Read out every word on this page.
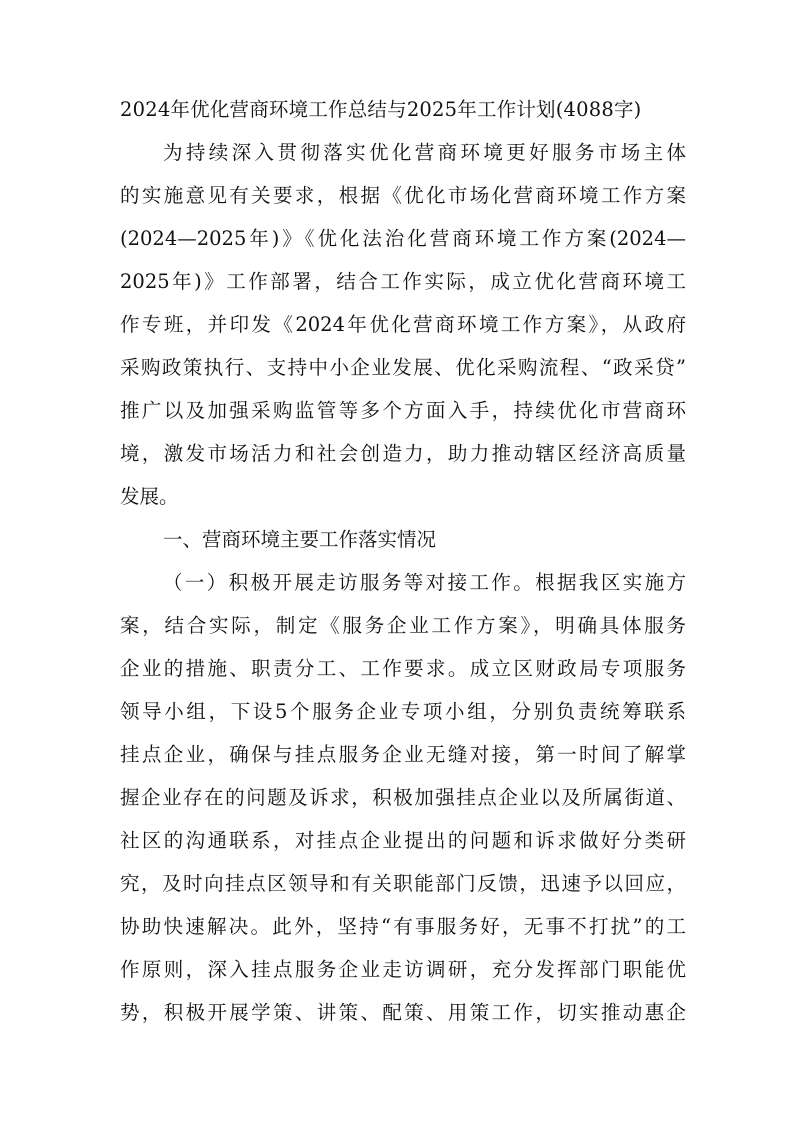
2024年优化营商环境工作总结与2025年工作计划(4088字)
为持续深入贯彻落实优化营商环境更好服务市场主体
的实施意见有关要求，根据《优化市场化营商环境工作方案
(2024—2025年)》《优化法治化营商环境工作方案(2024—
2025年)》工作部署，结合工作实际，成立优化营商环境工
作专班，并印发《2024年优化营商环境工作方案》，从政府
采购政策执行、支持中小企业发展、优化采购流程、“政采贷”
推广以及加强采购监管等多个方面入手，持续优化市营商环
境，激发市场活力和社会创造力，助力推动辖区经济高质量
发展。
一、营商环境主要工作落实情况
（一）积极开展走访服务等对接工作。根据我区实施方
案，结合实际，制定《服务企业工作方案》，明确具体服务
企业的措施、职责分工、工作要求。成立区财政局专项服务
领导小组，下设5个服务企业专项小组，分别负责统筹联系
挂点企业，确保与挂点服务企业无缝对接，第一时间了解掌
握企业存在的问题及诉求，积极加强挂点企业以及所属街道、
社区的沟通联系，对挂点企业提出的问题和诉求做好分类研
究，及时向挂点区领导和有关职能部门反馈，迅速予以回应，
协助快速解决。此外，坚持“有事服务好，无事不打扰”的工
作原则，深入挂点服务企业走访调研，充分发挥部门职能优
势，积极开展学策、讲策、配策、用策工作，切实推动惠企
